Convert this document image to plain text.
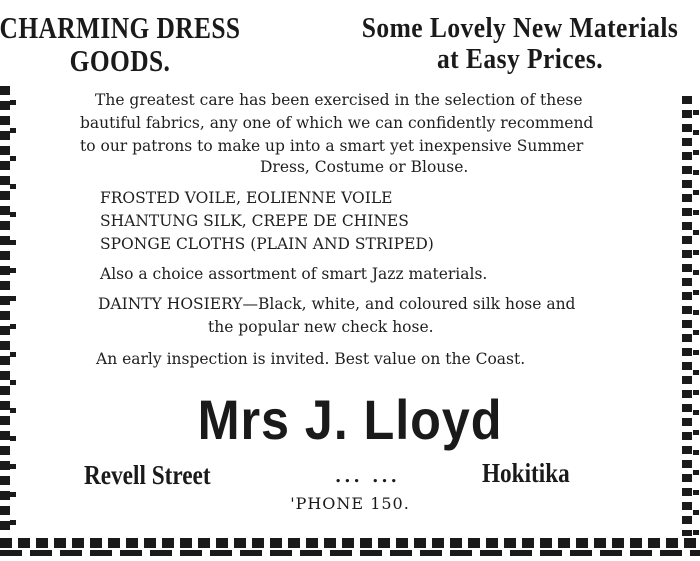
CHARMING DRESS
GOODS.
Some Lovely New Materials
at Easy Prices.
The greatest care has been exercised in the selection of these
bautiful fabrics, any one of which we can confidently recommend
to our patrons to make up into a smart yet inexpensive Summer
Dress, Costume or Blouse.
FROSTED VOILE, EOLIENNE VOILE
SHANTUNG SILK, CREPE DE CHINES
SPONGE CLOTHS (PLAIN AND STRIPED)
Also a choice assortment of smart Jazz materials.
DAINTY HOSIERY—Black, white, and coloured silk hose and
the popular new check hose.
An early inspection is invited. Best value on the Coast.
Mrs J. Lloyd
Revell Street	... ...	Hokitika
'PHONE 150.
